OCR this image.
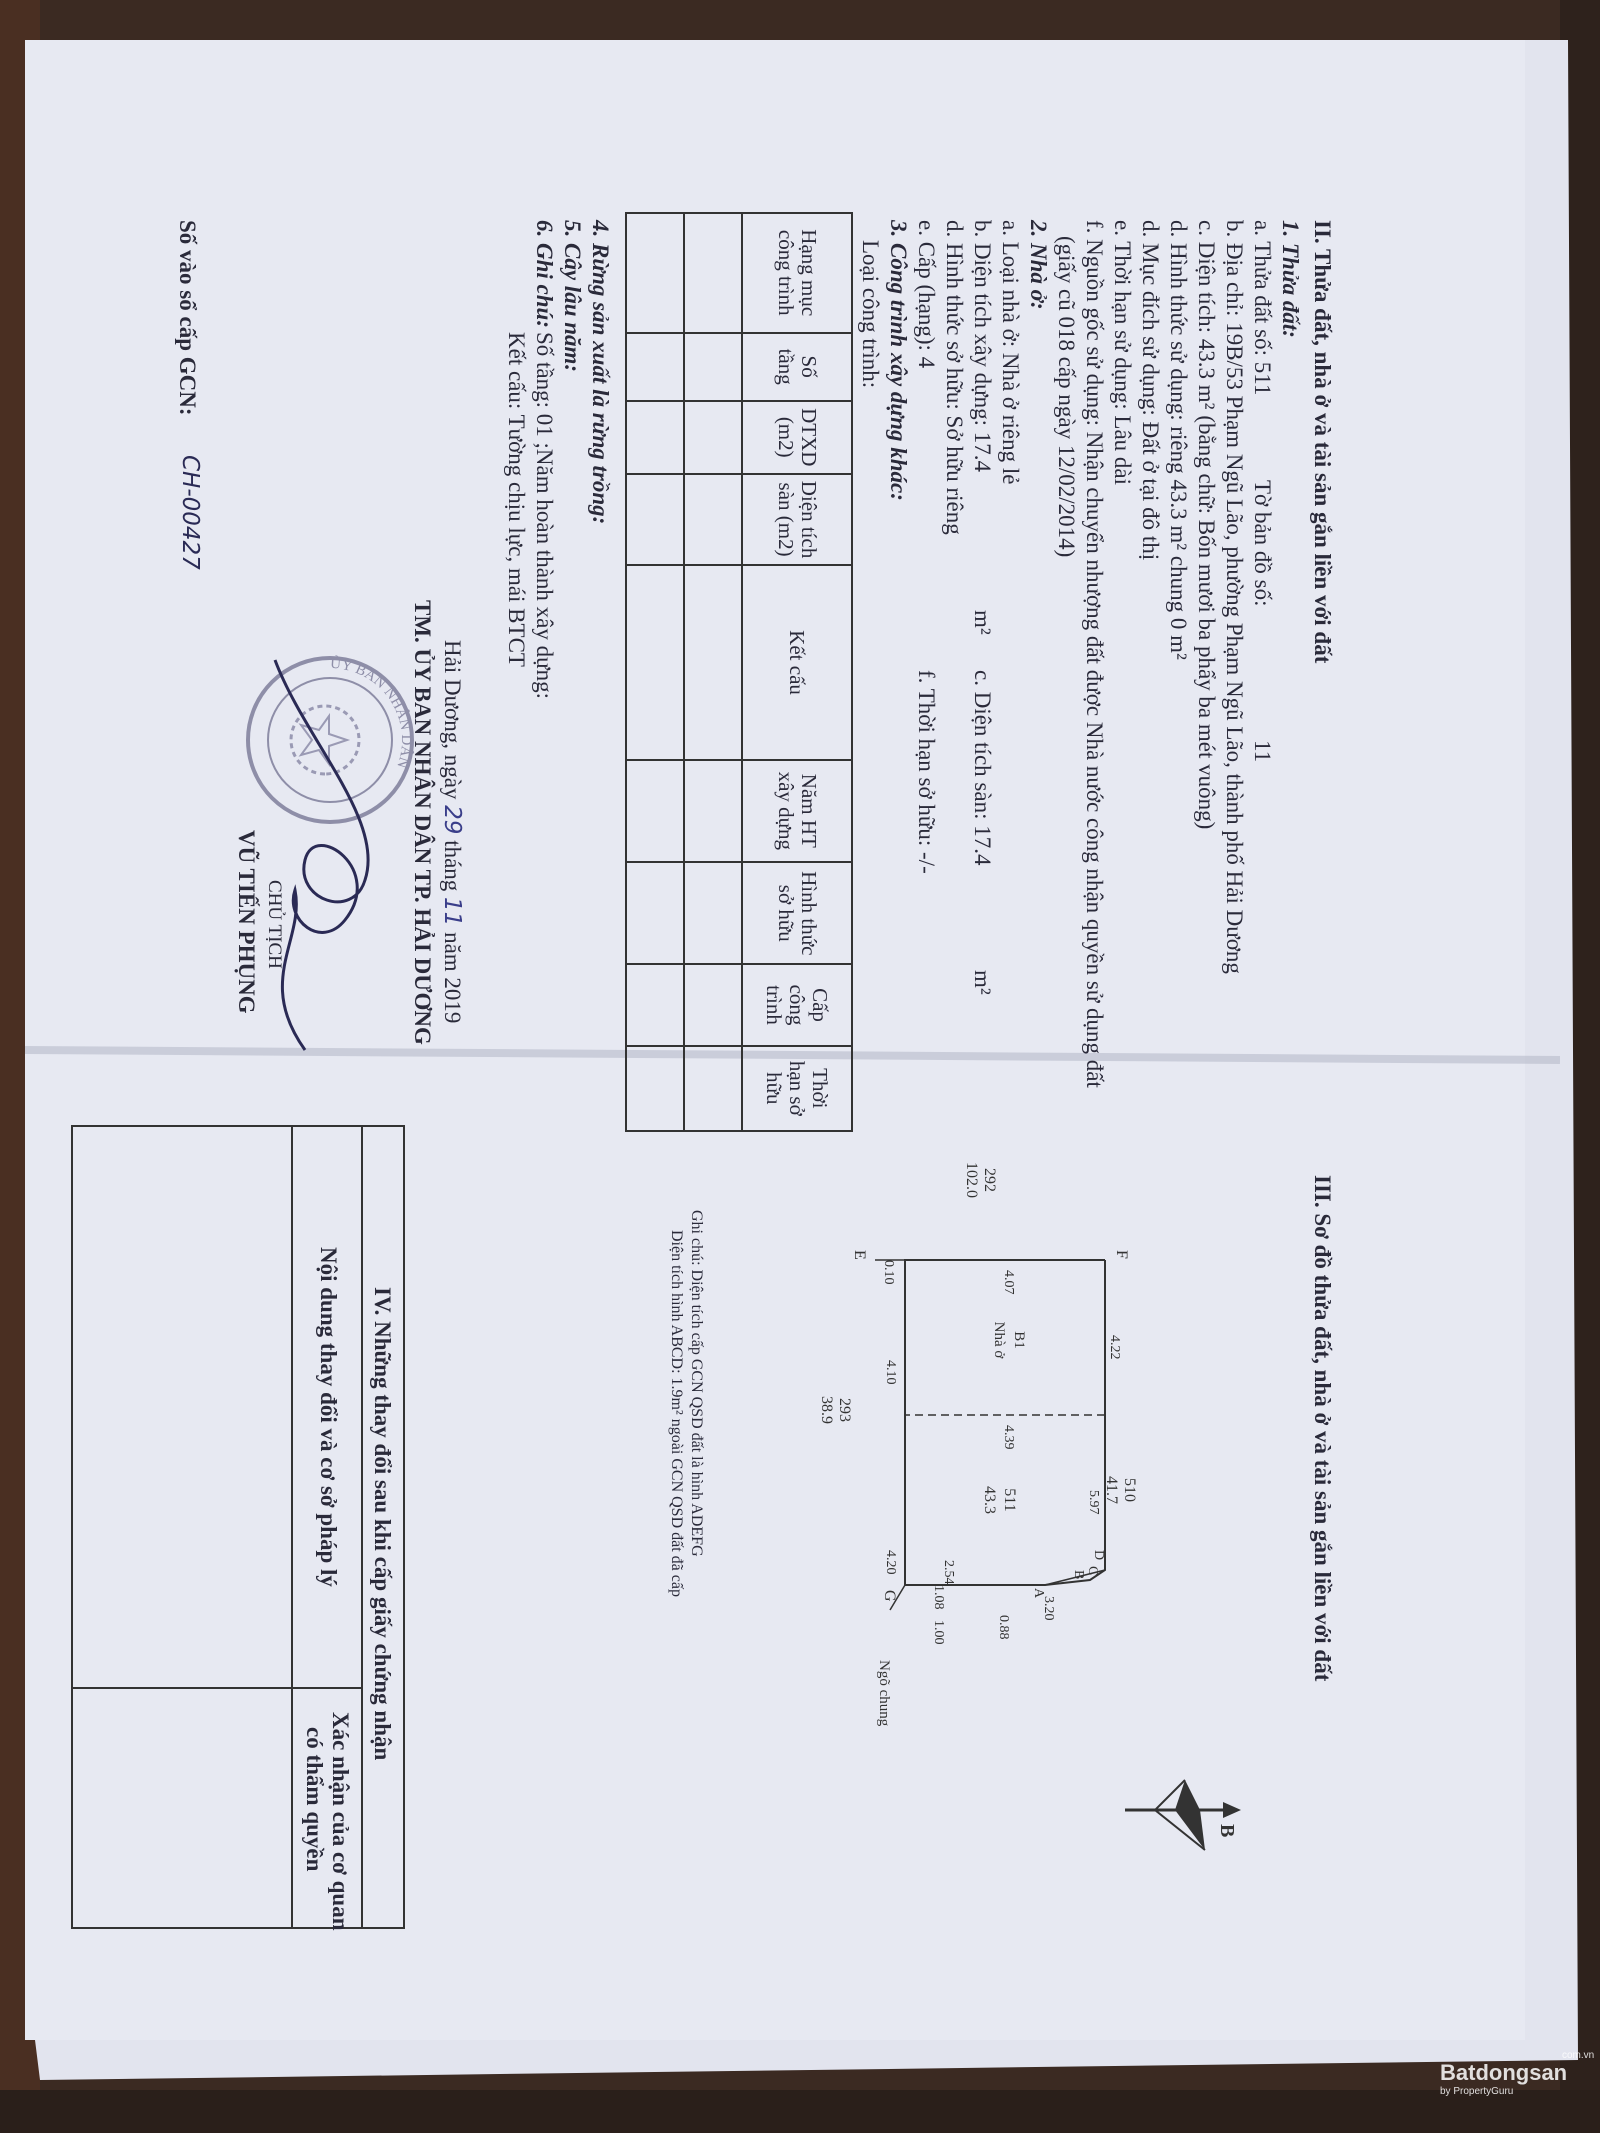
II. Thửa đất, nhà ở và tài sản gắn liền với đất
1. Thửa đất:
a. Thửa đất số: 511
Tờ bản đồ số:
11
b. Địa chỉ: 19B/53 Phạm Ngũ Lão, phường Phạm Ngũ Lão, thành phố Hải Dương
c. Diện tích: 43.3 m² (bằng chữ: Bốn mươi ba phẩy ba mét vuông)
d. Hình thức sử dụng: riêng 43.3 m² chung 0 m²
d. Mục đích sử dụng: Đất ở tại đô thị
e. Thời hạn sử dụng: Lâu dài
f. Nguồn gốc sử dụng: Nhận chuyển nhượng đất được Nhà nước công nhận quyền sử dụng đất
(giấy cũ 018 cấp ngày 12/02/2014)
2. Nhà ở:
a. Loại nhà ở: Nhà ở riêng lẻ
b. Diện tích xây dựng: 17.4
m²
c. Diện tích sàn: 17.4
m²
d. Hình thức sở hữu: Sở hữu riêng
e. Cấp (hạng): 4
f. Thời hạn sở hữu: -/-
3. Công trình xây dựng khác:
Loại công trình:
Hạng mục công trình	Số tầng	DTXD (m2)	Diện tích sàn (m2)	Kết cấu	Năm HT xây dựng	Hình thức sở hữu	Cấp công trình	Thời hạn sở hữu

4. Rừng sản xuất là rừng trồng:
5. Cây lâu năm:
6. Ghi chú:
Số tầng: 01 ;Năm hoàn thành xây dựng:
Kết cấu: Tường chịu lực, mái BTCT
Hải Dương, ngày 29 tháng 11 năm 2019
TM. ỦY BAN NHÂN DÂN TP. HẢI DƯƠNG
CHỦ TỊCH
VŨ TIẾN PHỤNG
ỦY BAN NHÂN DÂN
Số vào sổ cấp GCN:
CH-00427
III. Sơ đồ thửa đất, nhà ở và tài sản gắn liền với đất
F
G	A
B C
D
E
Ngõ chung
510
41.7
511
43.3
293
38.9
292
102.0
B1
Nhà ở	4.22
5.97
3.20
0.88
2.54
1.08
1.00
4.20
4.10
0.10	4.07
4.39
B
Ghi chú: Diện tích cấp GCN QSD đất là hình ADEFG
Diện tích hình ABCD: 1.9m² ngoài GCN QSD đất đã cấp
IV. Những thay đổi sau khi cấp giấy chứng nhận
Nội dung thay đổi và cơ sở pháp lý
Xác nhận của cơ quan
có thẩm quyền
Batdongsan
com.vn
by PropertyGuru
